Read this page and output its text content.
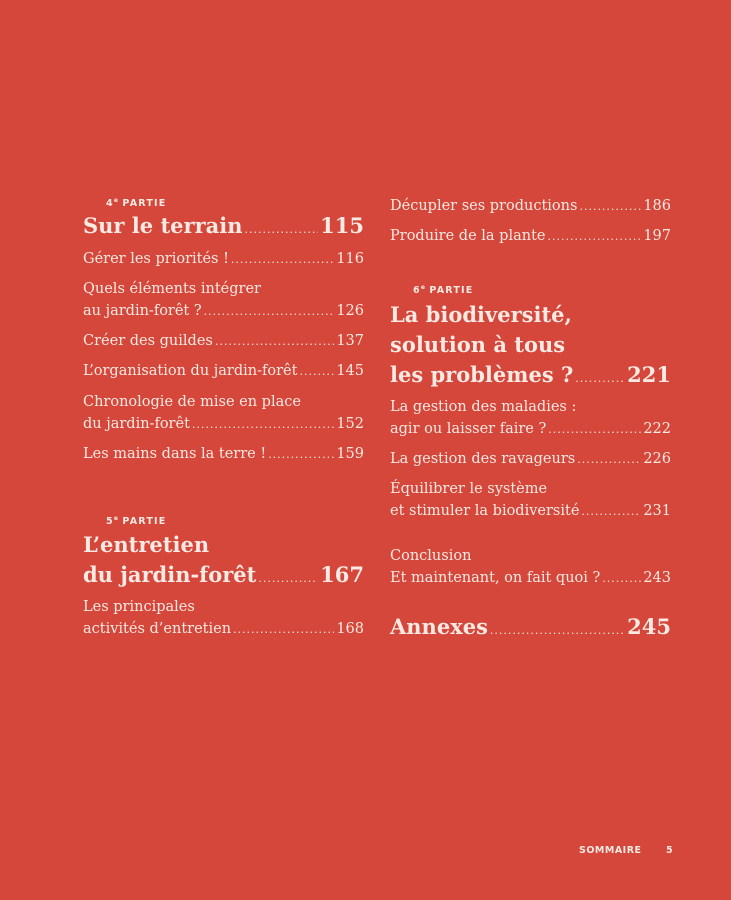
4e PARTIE
Sur le terrain .....	115
Gérer les priorités ! .....	116
Quels éléments intégrer
au jardin-forêt ? .....	126
Créer des guildes .....	137
L’organisation du jardin-forêt .....	145
Chronologie de mise en place
du jardin-forêt .....	152
Les mains dans la terre ! .....	159
5e PARTIE
L’entretien
du jardin-forêt .....	167
Les principales
activités d’entretien .....	168
Décupler ses productions .....	186
Produire de la plante .....	197
6e PARTIE
La biodiversité,
solution à tous
les problèmes ? .....	221
La gestion des maladies :
agir ou laisser faire ? .....	222
La gestion des ravageurs .....	226
Équilibrer le système
et stimuler la biodiversité .....	231
Conclusion
Et maintenant, on fait quoi ? .....	243
Annexes .....	245
SOMMAIRE	5
